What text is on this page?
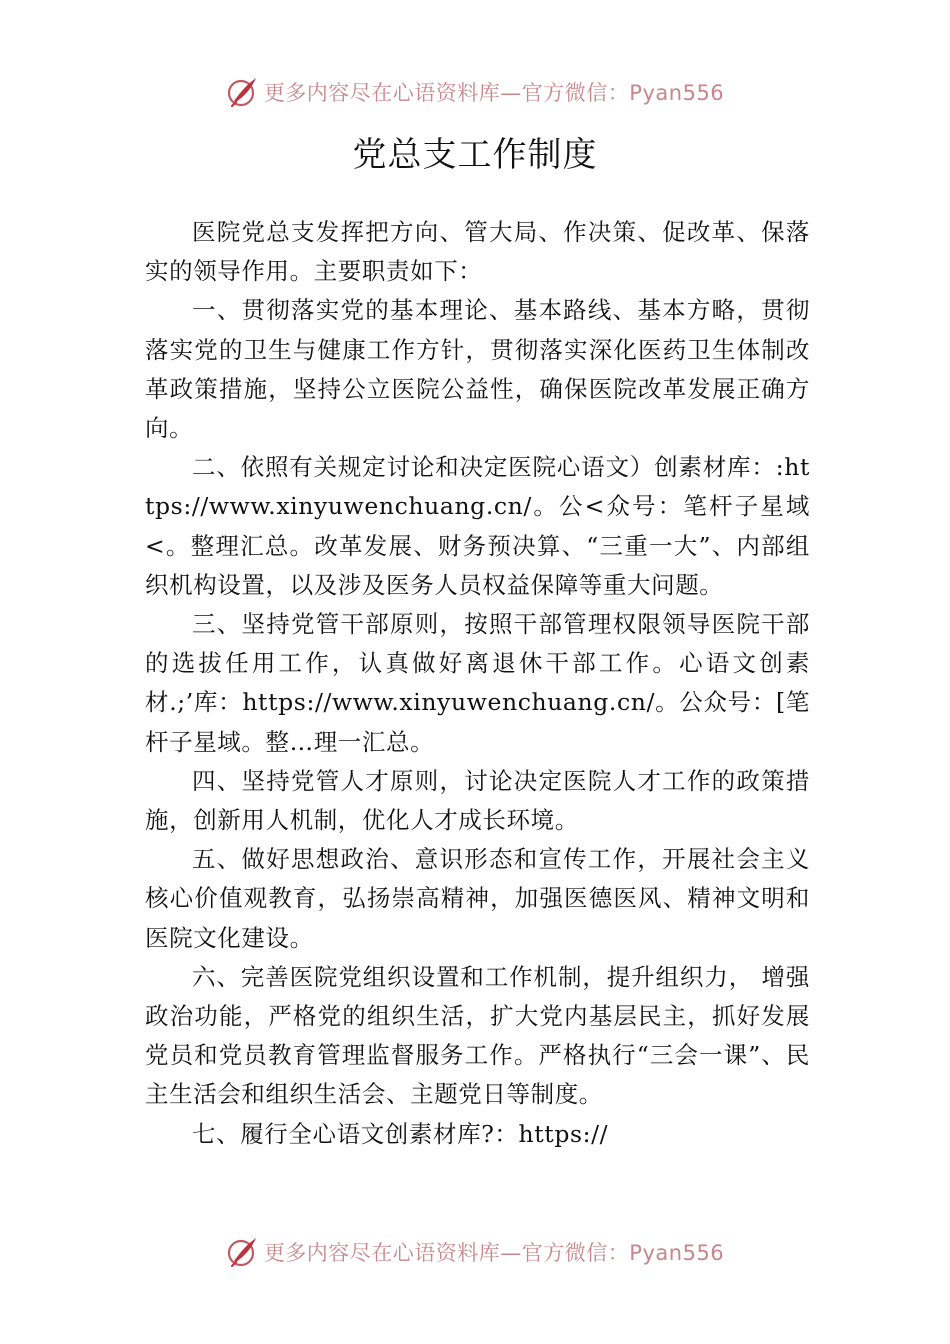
更多内容尽在心语资料库—官方微信：Pyan556
党总支工作制度

医院党总支发挥把方向、管大局、作决策、促改革、保落实的领导作用。主要职责如下：

一、贯彻落实党的基本理论、基本路线、基本方略，贯彻落实党的卫生与健康工作方针，贯彻落实深化医药卫生体制改革政策措施，坚持公立医院公益性，确保医院改革发展正确方向。

二、依照有关规定讨论和决定医院心语文）创素材库：:https://www.xinyuwenchuang.cn/。公<众号：笔杆子星域<。整理汇总。改革发展、财务预决算、“三重一大”、内部组织机构设置，以及涉及医务人员权益保障等重大问题。

三、坚持党管干部原则，按照干部管理权限领导医院干部的选拔任用工作，认真做好离退休干部工作。心语文创素材.;’库：https://www.xinyuwenchuang.cn/。公众号：[笔杆子星域。整…理一汇总。

四、坚持党管人才原则，讨论决定医院人才工作的政策措施，创新用人机制，优化人才成长环境。

五、做好思想政治、意识形态和宣传工作，开展社会主义核心价值观教育，弘扬崇高精神，加强医德医风、精神文明和医院文化建设。

六、完善医院党组织设置和工作机制，提升组织力， 增强政治功能，严格党的组织生活，扩大党内基层民主，抓好发展党员和党员教育管理监督服务工作。严格执行“三会一课”、民主生活会和组织生活会、主题党日等制度。

七、履行全心语文创素材库?：https://

更多内容尽在心语资料库—官方微信：Pyan556
